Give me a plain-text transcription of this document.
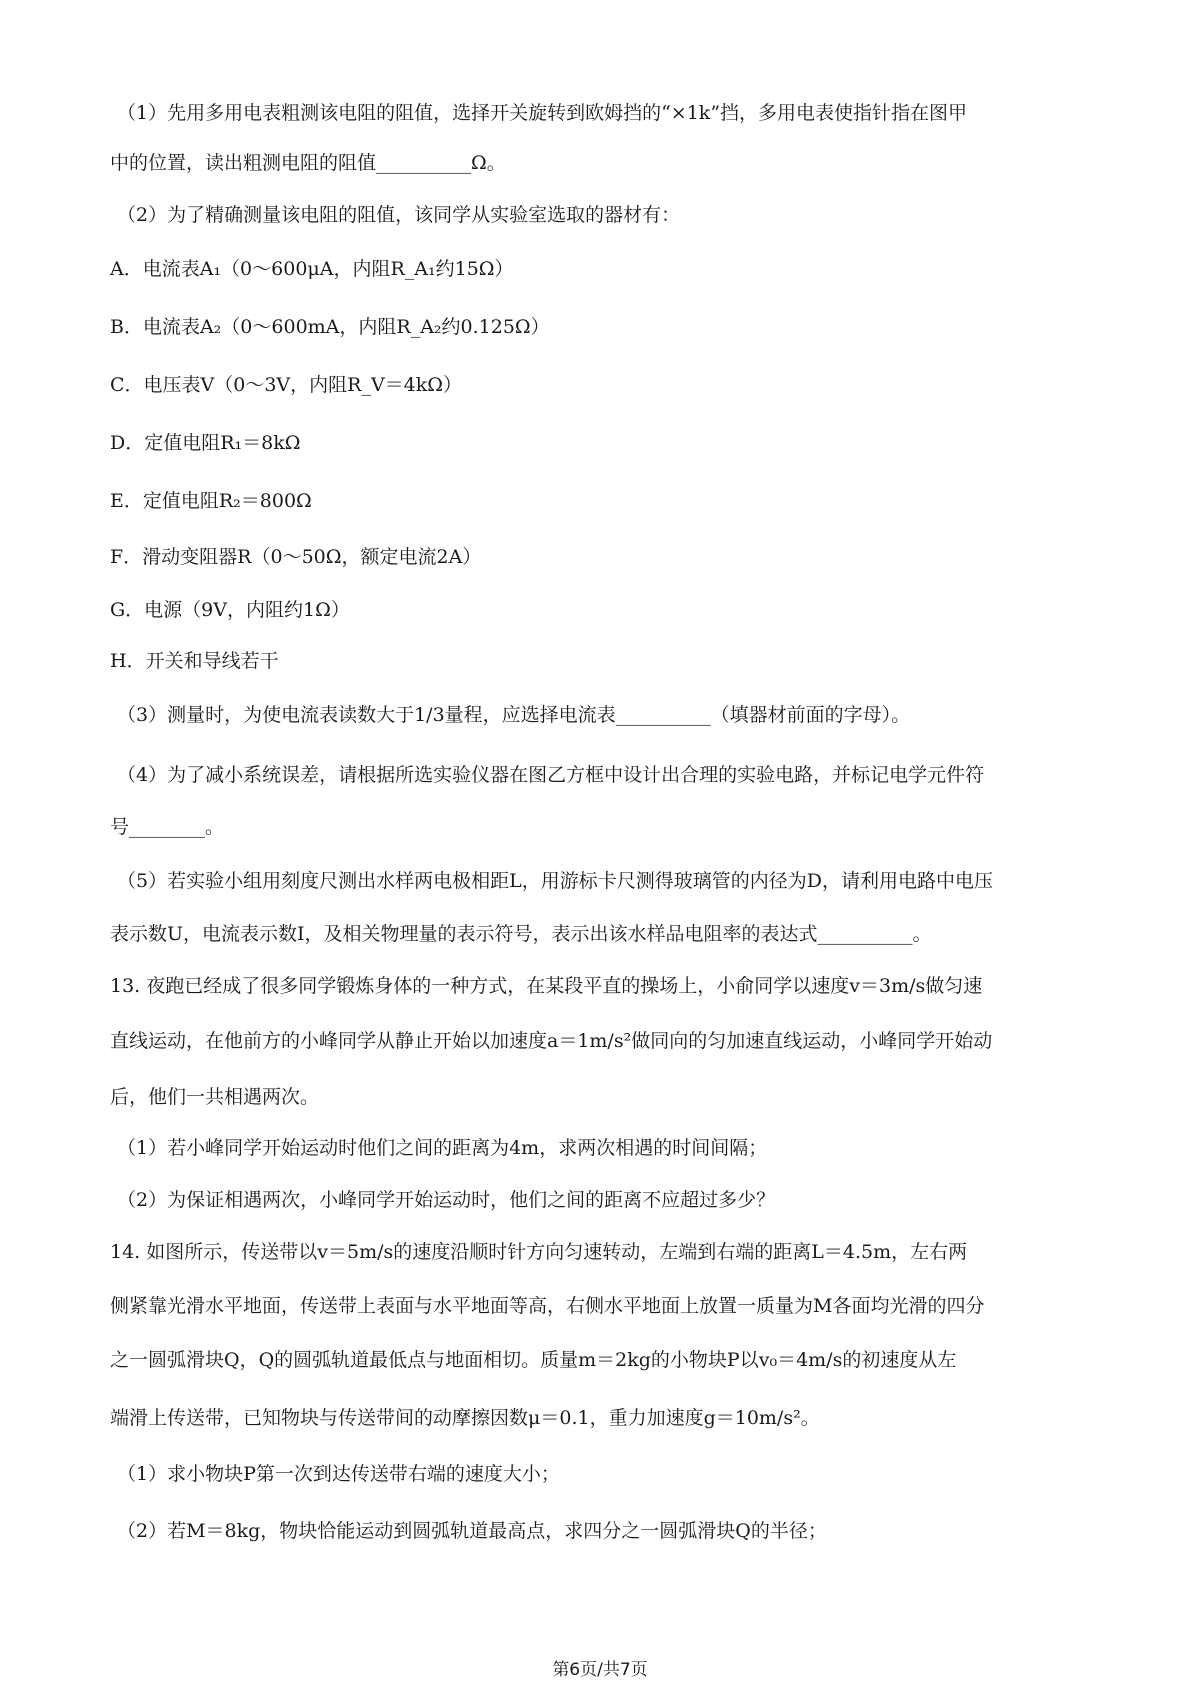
（1）先用多用电表粗测该电阻的阻值，选择开关旋转到欧姆挡的“×1k”挡，多用电表使指针指在图甲
中的位置，读出粗测电阻的阻值__________Ω。
（2）为了精确测量该电阻的阻值，该同学从实验室选取的器材有：
A．电流表A₁（0～600μA，内阻R_A₁约15Ω）
B．电流表A₂（0～600mA，内阻R_A₂约0.125Ω）
C．电压表V（0～3V，内阻R_V＝4kΩ）
D．定值电阻R₁＝8kΩ
E．定值电阻R₂＝800Ω
F．滑动变阻器R（0～50Ω，额定电流2A）
G．电源（9V，内阻约1Ω）
H．开关和导线若干
（3）测量时，为使电流表读数大于1/3量程，应选择电流表__________（填器材前面的字母）。
（4）为了减小系统误差，请根据所选实验仪器在图乙方框中设计出合理的实验电路，并标记电学元件符
号________。
（5）若实验小组用刻度尺测出水样两电极相距L，用游标卡尺测得玻璃管的内径为D，请利用电路中电压
表示数U，电流表示数I，及相关物理量的表示符号，表示出该水样品电阻率的表达式__________。
13. 夜跑已经成了很多同学锻炼身体的一种方式，在某段平直的操场上，小俞同学以速度v＝3m/s做匀速
直线运动，在他前方的小峰同学从静止开始以加速度a＝1m/s²做同向的匀加速直线运动，小峰同学开始动
后，他们一共相遇两次。
（1）若小峰同学开始运动时他们之间的距离为4m，求两次相遇的时间间隔；
（2）为保证相遇两次，小峰同学开始运动时，他们之间的距离不应超过多少？
14. 如图所示，传送带以v＝5m/s的速度沿顺时针方向匀速转动，左端到右端的距离L＝4.5m，左右两
侧紧靠光滑水平地面，传送带上表面与水平地面等高，右侧水平地面上放置一质量为M各面均光滑的四分
之一圆弧滑块Q，Q的圆弧轨道最低点与地面相切。质量m＝2kg的小物块P以v₀＝4m/s的初速度从左
端滑上传送带，已知物块与传送带间的动摩擦因数μ＝0.1，重力加速度g＝10m/s²。
（1）求小物块P第一次到达传送带右端的速度大小；
（2）若M＝8kg，物块恰能运动到圆弧轨道最高点，求四分之一圆弧滑块Q的半径；
第6页/共7页
